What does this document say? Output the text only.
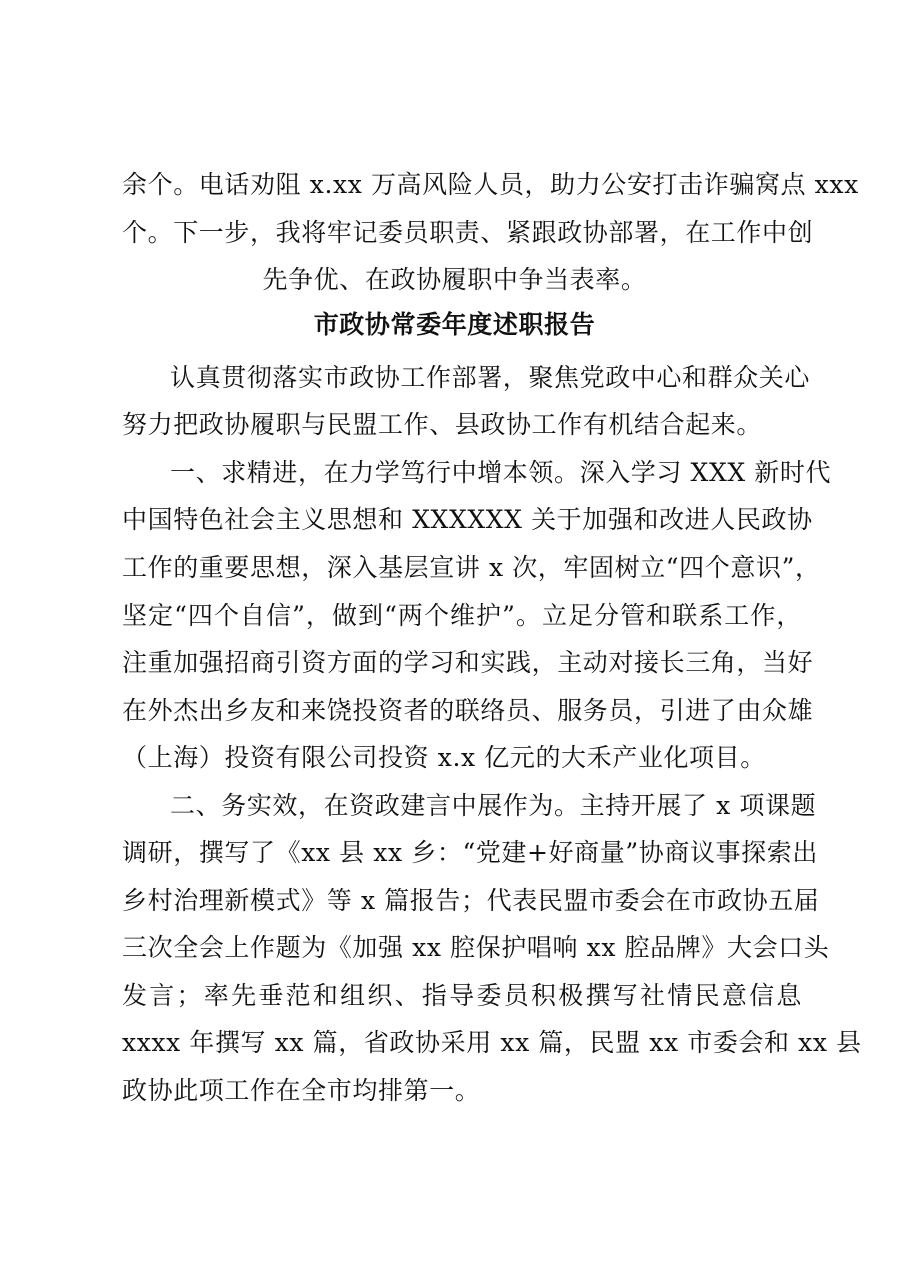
余个。电话劝阻 x.xx 万高风险人员，助力公安打击诈骗窝点 xxx
个。下一步，我将牢记委员职责、紧跟政协部署，在工作中创
先争优、在政协履职中争当表率。
市政协常委年度述职报告
认真贯彻落实市政协工作部署，聚焦党政中心和群众关心
努力把政协履职与民盟工作、县政协工作有机结合起来。
一、求精进，在力学笃行中增本领。深入学习 XXX 新时代
中国特色社会主义思想和 XXXXXX 关于加强和改进人民政协
工作的重要思想，深入基层宣讲 x 次，牢固树立“四个意识”，
坚定“四个自信”，做到“两个维护”。立足分管和联系工作，
注重加强招商引资方面的学习和实践，主动对接长三角，当好
在外杰出乡友和来饶投资者的联络员、服务员，引进了由众雄
（上海）投资有限公司投资 x.x 亿元的大禾产业化项目。
二、务实效，在资政建言中展作为。主持开展了 x 项课题
调研，撰写了《xx 县 xx 乡：“党建+好商量”协商议事探索出
乡村治理新模式》等 x 篇报告；代表民盟市委会在市政协五届
三次全会上作题为《加强 xx 腔保护唱响 xx 腔品牌》大会口头
发言；率先垂范和组织、指导委员积极撰写社情民意信息
xxxx 年撰写 xx 篇，省政协采用 xx 篇，民盟 xx 市委会和 xx 县
政协此项工作在全市均排第一。
